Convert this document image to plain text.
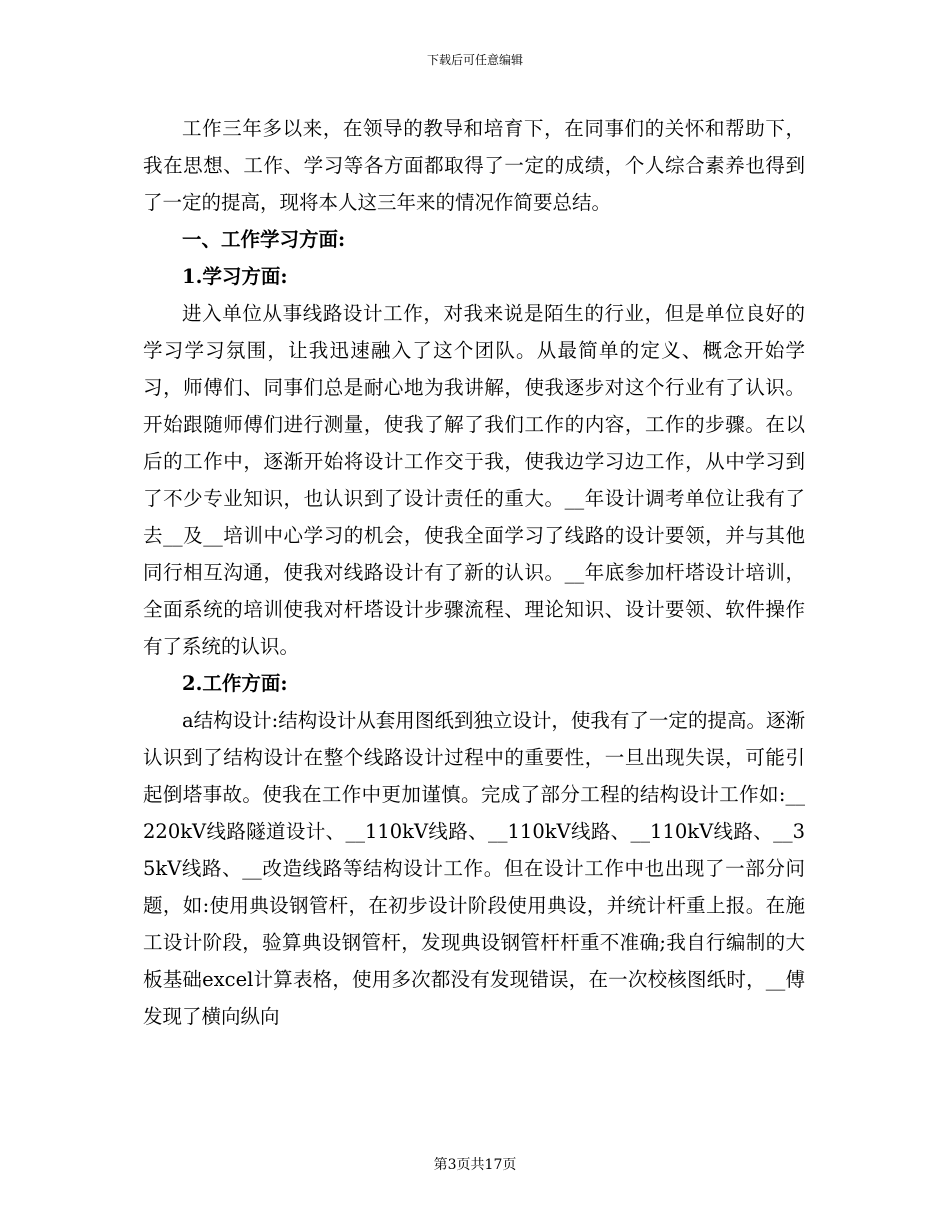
下载后可任意编辑

工作三年多以来，在领导的教导和培育下，在同事们的关怀和帮助下，我在思想、工作、学习等各方面都取得了一定的成绩，个人综合素养也得到了一定的提高，现将本人这三年来的情况作简要总结。

一、工作学习方面:

1.学习方面:

进入单位从事线路设计工作，对我来说是陌生的行业，但是单位良好的学习学习氛围，让我迅速融入了这个团队。从最简单的定义、概念开始学习，师傅们、同事们总是耐心地为我讲解，使我逐步对这个行业有了认识。开始跟随师傅们进行测量，使我了解了我们工作的内容，工作的步骤。在以后的工作中，逐渐开始将设计工作交于我，使我边学习边工作，从中学习到了不少专业知识，也认识到了设计责任的重大。__年设计调考单位让我有了去__及__培训中心学习的机会，使我全面学习了线路的设计要领，并与其他同行相互沟通，使我对线路设计有了新的认识。__年底参加杆塔设计培训，全面系统的培训使我对杆塔设计步骤流程、理论知识、设计要领、软件操作有了系统的认识。

2.工作方面:

a结构设计:结构设计从套用图纸到独立设计，使我有了一定的提高。逐渐认识到了结构设计在整个线路设计过程中的重要性，一旦出现失误，可能引起倒塔事故。使我在工作中更加谨慎。完成了部分工程的结构设计工作如:__220kV线路隧道设计、__110kV线路、__110kV线路、__110kV线路、__35kV线路、__改造线路等结构设计工作。但在设计工作中也出现了一部分问题，如:使用典设钢管杆，在初步设计阶段使用典设，并统计杆重上报。在施工设计阶段，验算典设钢管杆，发现典设钢管杆杆重不准确;我自行编制的大板基础excel计算表格，使用多次都没有发现错误，在一次校核图纸时，__傅发现了横向纵向

第3页共17页
